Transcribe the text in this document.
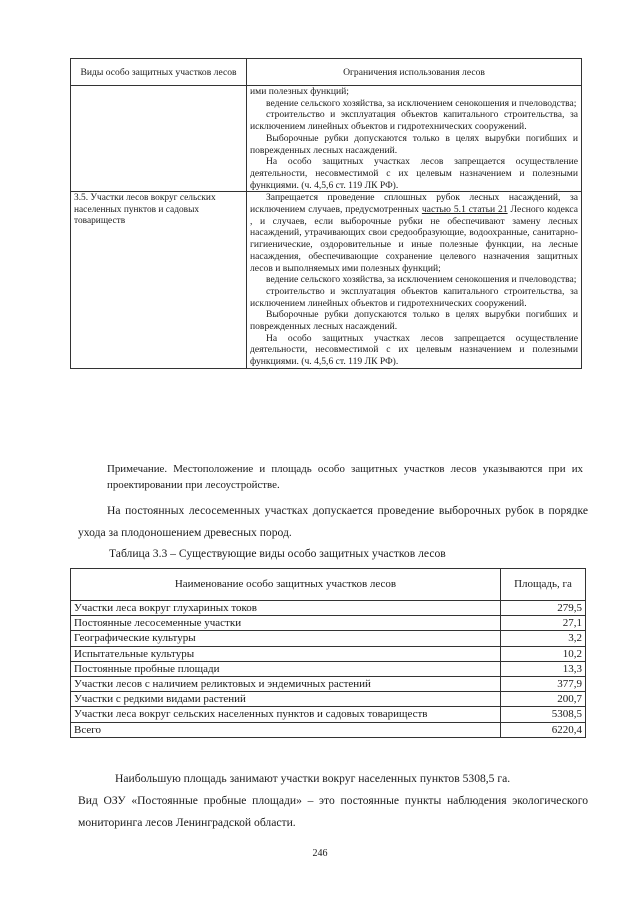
Виды особо защитных участков лесов	Ограничения использования лесов

	ими полезных функций;

ведение сельского хозяйства, за исключением сенокошения и пчеловодства;

строительство и эксплуатация объектов капитального строительства, за исключением линейных объектов и гидротехнических сооружений.

Выборочные рубки допускаются только в целях вырубки погибших и поврежденных лесных насаждений.

На особо защитных участках лесов запрещается осуществление деятельности, несовместимой с их целевым назначением и полезными функциями. (ч. 4,5,6 ст. 119 ЛК РФ).

3.5. Участки лесов вокруг сельских населенных пунктов и садовых товариществ	Запрещается проведение сплошных рубок лесных насаждений, за исключением случаев, предусмотренных частью 5.1 статьи 21 Лесного кодекса , и случаев, если выборочные рубки не обеспечивают замену лесных насаждений, утрачивающих свои средообразующие, водоохранные, санитарно-гигиенические, оздоровительные и иные полезные функции, на лесные насаждения, обеспечивающие сохранение целевого назначения защитных лесов и выполняемых ими полезных функций;

ведение сельского хозяйства, за исключением сенокошения и пчеловодства;

строительство и эксплуатация объектов капитального строительства, за исключением линейных объектов и гидротехнических сооружений.

Выборочные рубки допускаются только в целях вырубки погибших и поврежденных лесных насаждений.

На особо защитных участках лесов запрещается осуществление деятельности, несовместимой с их целевым назначением и полезными функциями. (ч. 4,5,6 ст. 119 ЛК РФ).

Примечание. Местоположение и площадь особо защитных участков лесов указываются при их проектировании при лесоустройстве.
На постоянных лесосеменных участках допускается проведение выборочных рубок в порядке ухода за плодоношением древесных пород.
Таблица 3.3 – Существующие виды особо защитных участков лесов
Наименование особо защитных участков лесов	Площадь, га
Участки леса вокруг глухариных токов	279,5
Постоянные лесосеменные участки	27,1
Географические культуры	3,2
Испытательные культуры	10,2
Постоянные пробные площади	13,3
Участки лесов с наличием реликтовых и эндемичных растений	377,9
Участки с редкими видами растений	200,7
Участки леса вокруг сельских населенных пунктов и садовых товариществ	5308,5
Всего	6220,4
Наибольшую площадь занимают участки вокруг населенных пунктов 5308,5 га.
Вид ОЗУ «Постоянные пробные площади» – это постоянные пункты наблюдения экологического мониторинга лесов Ленинградской области.
246
